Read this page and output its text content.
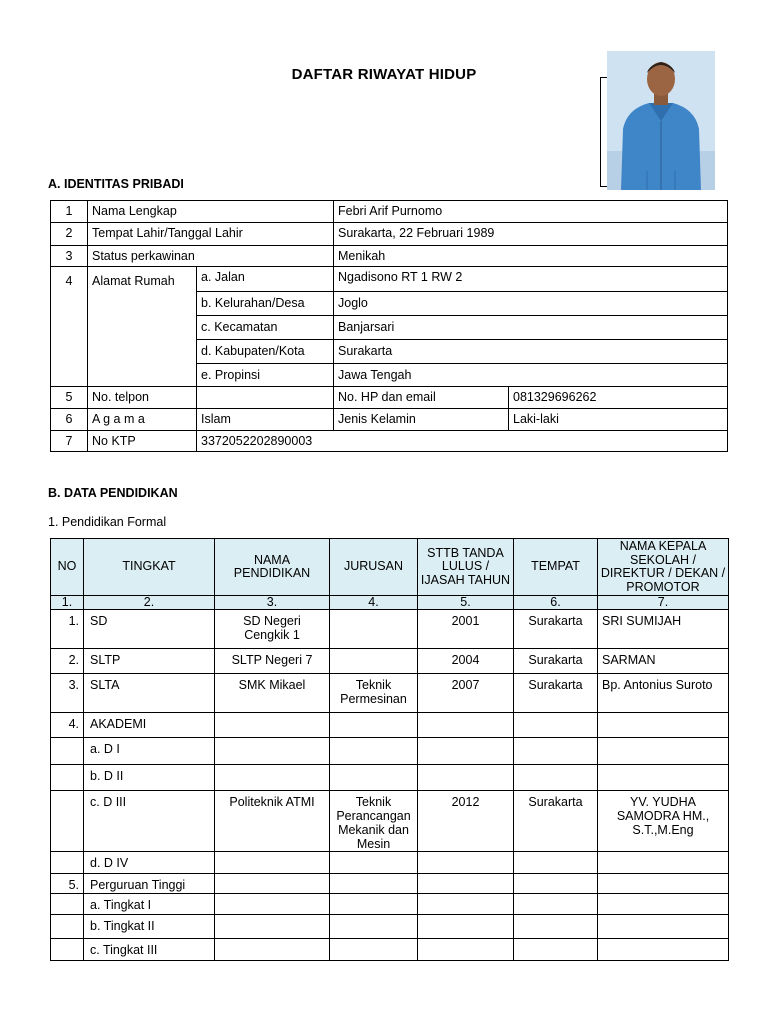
DAFTAR RIWAYAT HIDUP
A. IDENTITAS PRIBADI
1	Nama Lengkap		Febri Arif Purnomo	
2	Tempat Lahir/Tanggal Lahir		Surakarta, 22 Februari 1989	
3	Status perkawinan		Menikah	
4	Alamat Rumah	a. Jalan	Ngadisono RT 1 RW 2	
		b. Kelurahan/Desa	Joglo	
		c. Kecamatan	Banjarsari	
		d. Kabupaten/Kota	Surakarta	
		e. Propinsi	Jawa Tengah	
5	No. telpon		No. HP dan email	081329696262
6	A g a m a	Islam	Jenis Kelamin	Laki-laki
7	No KTP	3372052202890003		
B. DATA PENDIDIKAN
1. Pendidikan Formal
NO	TINGKAT	NAMA PENDIDIKAN	JURUSAN	STTB TANDA LULUS / IJASAH TAHUN	TEMPAT	NAMA KEPALA SEKOLAH / DIREKTUR / DEKAN / PROMOTOR
1.	2.	3.	4.	5.	6.	7.
1.	SD	SD Negeri Cengkik 1		2001	Surakarta	SRI SUMIJAH
2.	SLTP	SLTP Negeri 7		2004	Surakarta	SARMAN
3.	SLTA	SMK Mikael	Teknik Permesinan	2007	Surakarta	Bp. Antonius Suroto
4.	AKADEMI					
	a. D I					
	b. D II					
	c. D III	Politeknik ATMI	Teknik Perancangan Mekanik dan Mesin	2012	Surakarta	YV. YUDHA SAMODRA HM., S.T.,M.Eng
	d. D IV					
5.	Perguruan Tinggi					
	a. Tingkat I					
	b. Tingkat II					
	c. Tingkat III					
